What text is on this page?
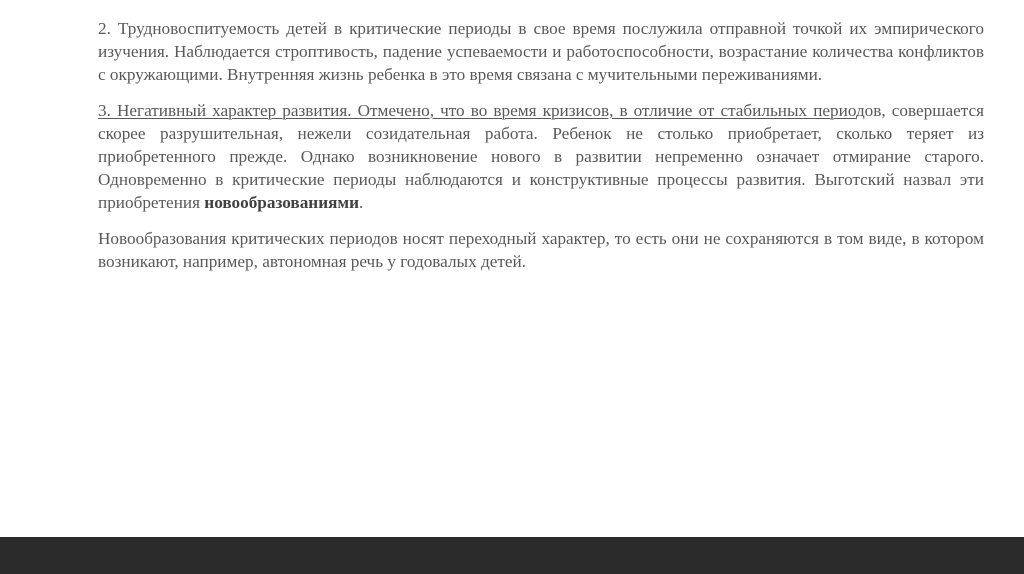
2. Трудновоспитуемость детей в критические периоды в свое время послужила отправной точкой их эмпирического изучения. Наблюдается строптивость, падение успеваемости и работоспособности, возрастание количества конфликтов с окружающими. Внутренняя жизнь ребенка в это время связана с мучительными переживаниями.

3. Негативный характер развития. Отмечено, что во время кризисов, в отличие от стабильных периодов, совершается скорее разрушительная, нежели созидательная работа. Ребенок не столько приобретает, сколько теряет из приобретенного прежде. Однако возникновение нового в развитии непременно означает отмирание старого. Одновременно в критические периоды наблюдаются и конструктивные процессы развития. Выготский назвал эти приобретения новообразованиями.

Новообразования критических периодов носят переходный характер, то есть они не сохраняются в том виде, в котором возникают, например, автономная речь у годовалых детей.
